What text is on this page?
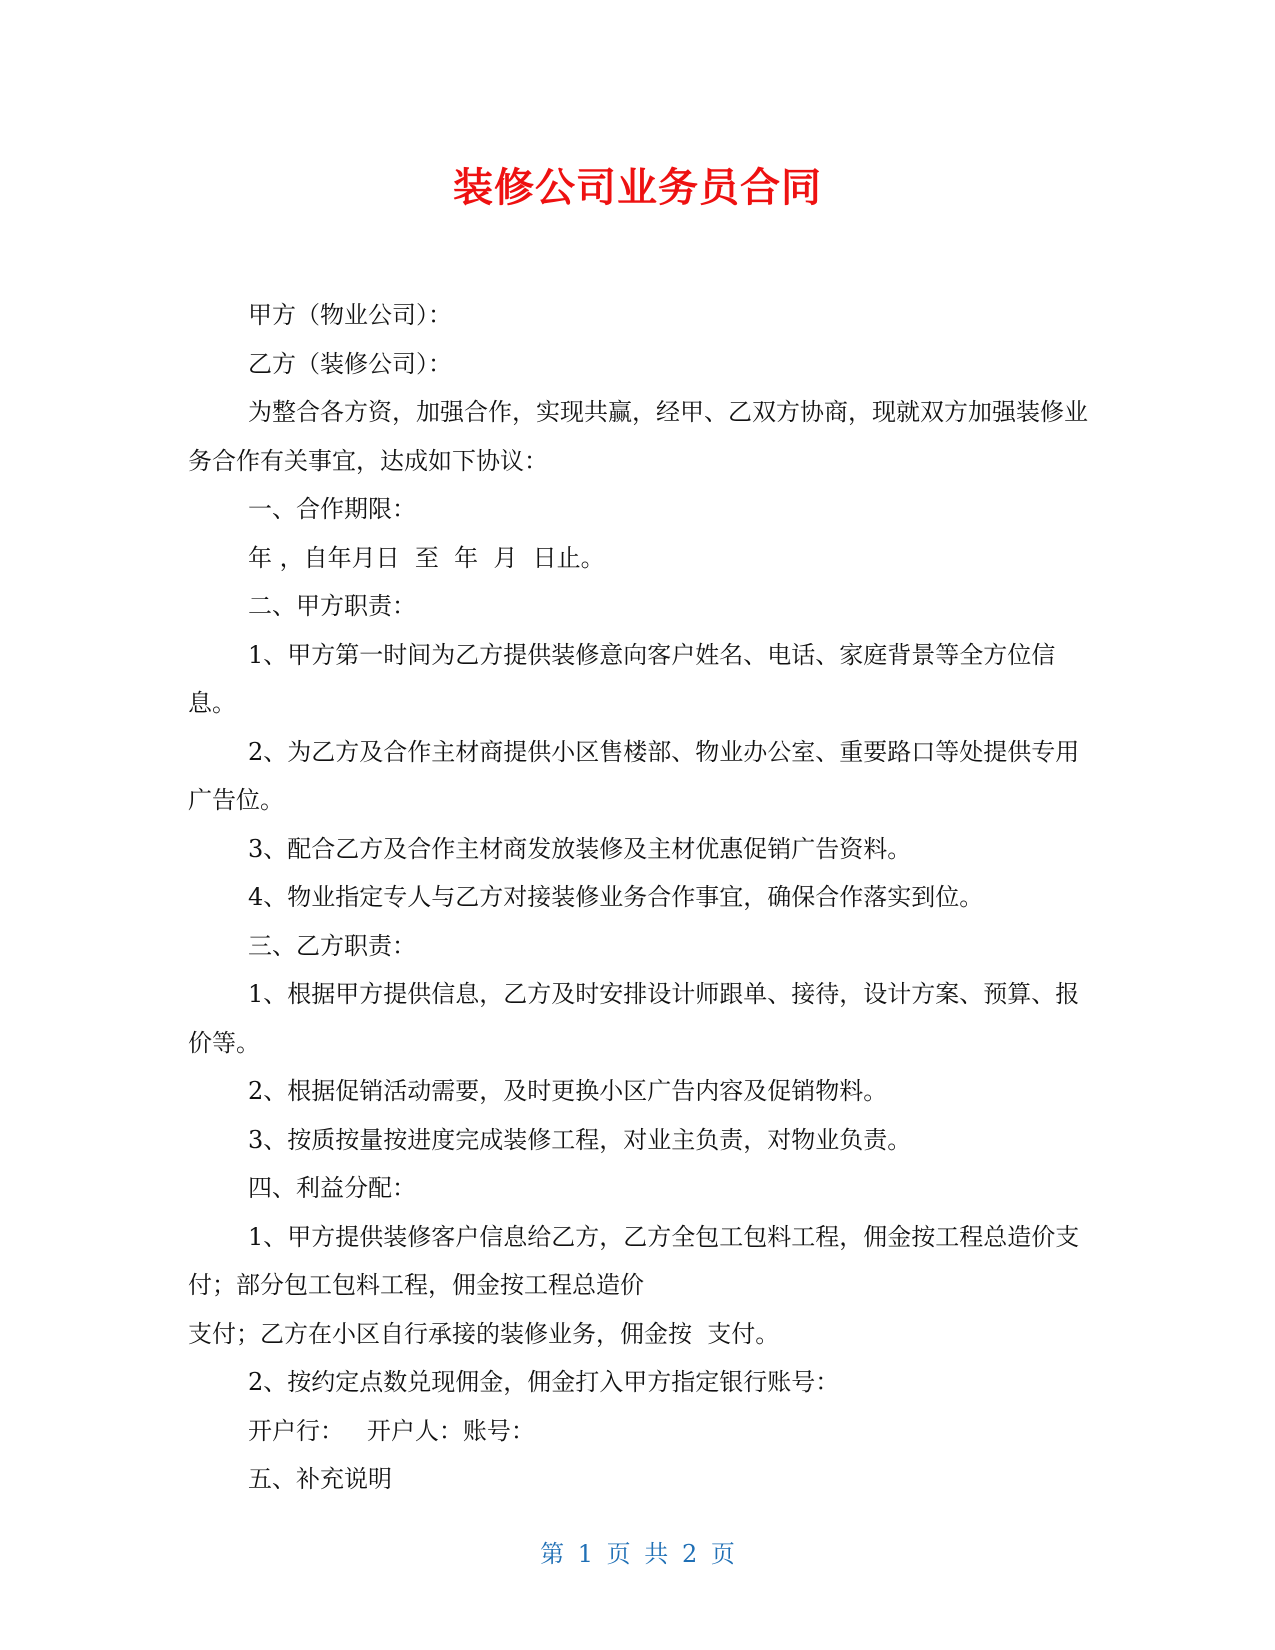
装修公司业务员合同

甲方（物业公司）：

乙方（装修公司）：

为整合各方资，加强合作，实现共赢，经甲、乙双方协商，现就双方加强装修业务合作有关事宜，达成如下协议：

一、合作期限：

年 ，自年月日  至  年  月  日止。

二、甲方职责：

1、甲方第一时间为乙方提供装修意向客户姓名、电话、家庭背景等全方位信息。

2、为乙方及合作主材商提供小区售楼部、物业办公室、重要路口等处提供专用广告位。

3、配合乙方及合作主材商发放装修及主材优惠促销广告资料。

4、物业指定专人与乙方对接装修业务合作事宜，确保合作落实到位。

三、乙方职责：

1、根据甲方提供信息，乙方及时安排设计师跟单、接待，设计方案、预算、报价等。

2、根据促销活动需要，及时更换小区广告内容及促销物料。

3、按质按量按进度完成装修工程，对业主负责，对物业负责。

四、利益分配：

1、甲方提供装修客户信息给乙方，乙方全包工包料工程，佣金按工程总造价支付；部分包工包料工程，佣金按工程总造价

支付；乙方在小区自行承接的装修业务，佣金按  支付。

2、按约定点数兑现佣金，佣金打入甲方指定银行账号：

开户行：   开户人：账号：

五、补充说明

第 1 页 共 2 页
